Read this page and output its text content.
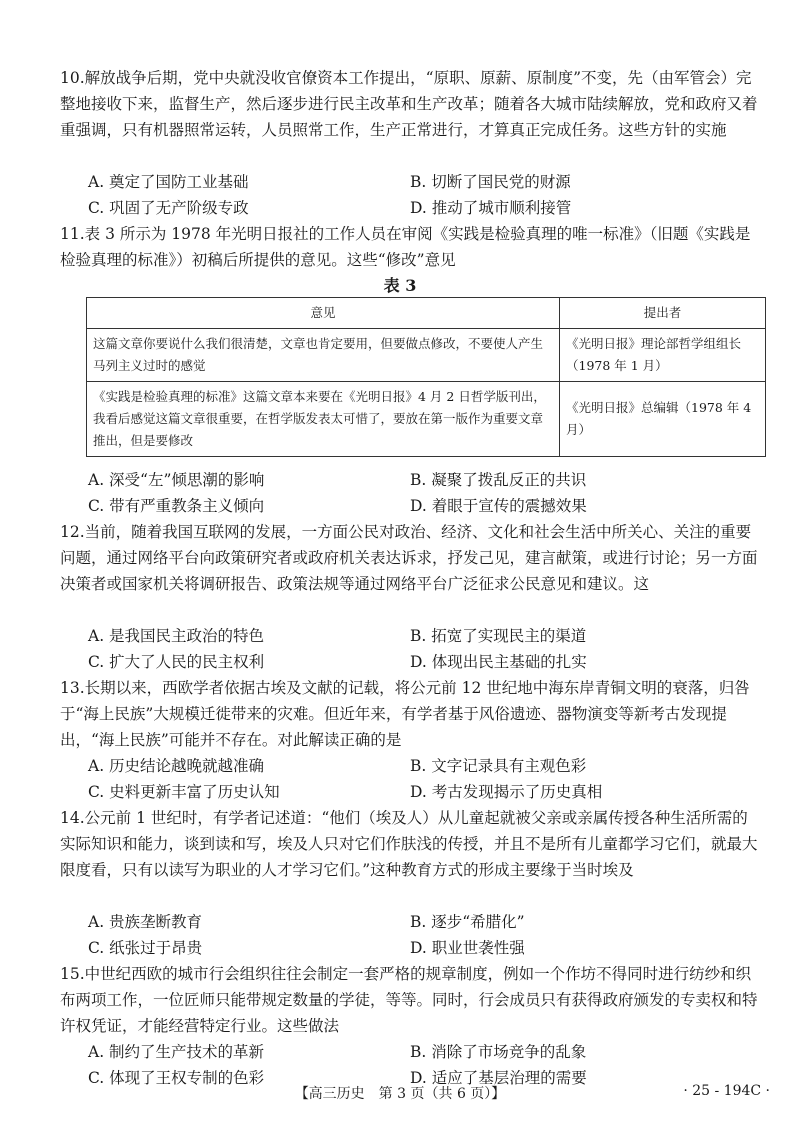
10.解放战争后期，党中央就没收官僚资本工作提出，“原职、原薪、原制度”不变，先（由军管会）完整地接收下来，监督生产，然后逐步进行民主改革和生产改革；随着各大城市陆续解放，党和政府又着重强调，只有机器照常运转，人员照常工作，生产正常进行，才算真正完成任务。这些方针的实施
A. 奠定了国防工业基础	B. 切断了国民党的财源
C. 巩固了无产阶级专政	D. 推动了城市顺利接管
11.表 3 所示为 1978 年光明日报社的工作人员在审阅《实践是检验真理的唯一标准》（旧题《实践是检验真理的标准》）初稿后所提供的意见。这些“修改”意见
表 3
意见	提出者
这篇文章你要说什么我们很清楚，文章也肯定要用，但要做点修改，不要使人产生马列主义过时的感觉	《光明日报》理论部哲学组组长（1978 年 1 月）
《实践是检验真理的标准》这篇文章本来要在《光明日报》4 月 2 日哲学版刊出，我看后感觉这篇文章很重要，在哲学版发表太可惜了，要放在第一版作为重要文章推出，但是要修改	《光明日报》总编辑（1978 年 4 月）
A. 深受“左”倾思潮的影响	B. 凝聚了拨乱反正的共识
C. 带有严重教条主义倾向	D. 着眼于宣传的震撼效果
12.当前，随着我国互联网的发展，一方面公民对政治、经济、文化和社会生活中所关心、关注的重要问题，通过网络平台向政策研究者或政府机关表达诉求，抒发己见，建言献策，或进行讨论；另一方面决策者或国家机关将调研报告、政策法规等通过网络平台广泛征求公民意见和建议。这
A. 是我国民主政治的特色	B. 拓宽了实现民主的渠道
C. 扩大了人民的民主权利	D. 体现出民主基础的扎实
13.长期以来，西欧学者依据古埃及文献的记载，将公元前 12 世纪地中海东岸青铜文明的衰落，归咎于“海上民族”大规模迁徙带来的灾难。但近年来，有学者基于风俗遗迹、器物演变等新考古发现提出，“海上民族”可能并不存在。对此解读正确的是
A. 历史结论越晚就越准确	B. 文字记录具有主观色彩
C. 史料更新丰富了历史认知	D. 考古发现揭示了历史真相
14.公元前 1 世纪时，有学者记述道：“他们（埃及人）从儿童起就被父亲或亲属传授各种生活所需的实际知识和能力，谈到读和写，埃及人只对它们作肤浅的传授，并且不是所有儿童都学习它们，就最大限度看，只有以读写为职业的人才学习它们。”这种教育方式的形成主要缘于当时埃及
A. 贵族垄断教育	B. 逐步“希腊化”
C. 纸张过于昂贵	D. 职业世袭性强
15.中世纪西欧的城市行会组织往往会制定一套严格的规章制度，例如一个作坊不得同时进行纺纱和织布两项工作，一位匠师只能带规定数量的学徒，等等。同时，行会成员只有获得政府颁发的专卖权和特许权凭证，才能经营特定行业。这些做法
A. 制约了生产技术的革新	B. 消除了市场竞争的乱象
C. 体现了王权专制的色彩	D. 适应了基层治理的需要
【高三历史　第 3 页（共 6 页）】	· 25 - 194C ·
